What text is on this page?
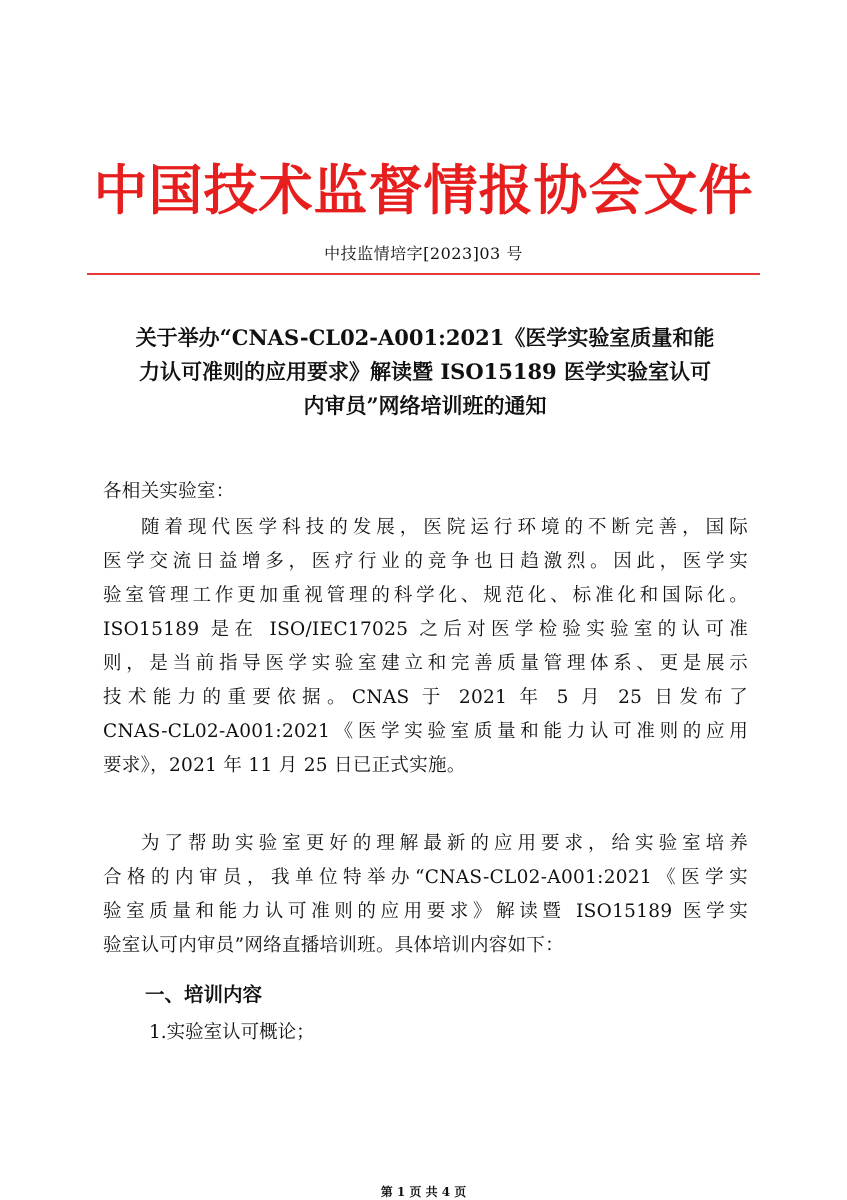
中国技术监督情报协会文件
中技监情培字[2023]03 号
关于举办“CNAS-CL02-A001:2021《医学实验室质量和能
力认可准则的应用要求》解读暨 ISO15189 医学实验室认可
内审员”网络培训班的通知
各相关实验室：
随着现代医学科技的发展，医院运行环境的不断完善，国际
医学交流日益增多，医疗行业的竞争也日趋激烈。因此，医学实
验室管理工作更加重视管理的科学化、规范化、标准化和国际化。
ISO15189 是在 ISO/IEC17025 之后对医学检验实验室的认可准
则，是当前指导医学实验室建立和完善质量管理体系、更是展示
技术能力的重要依据。CNAS 于 2021 年 5 月 25 日发布了
CNAS-CL02-A001:2021《医学实验室质量和能力认可准则的应用
要求》，2021 年 11 月 25 日已正式实施。
为了帮助实验室更好的理解最新的应用要求，给实验室培养
合格的内审员，我单位特举办“CNAS-CL02-A001:2021《医学实
验室质量和能力认可准则的应用要求》解读暨 ISO15189 医学实
验室认可内审员”网络直播培训班。具体培训内容如下：
一、培训内容
1.实验室认可概论；
第 1 页 共 4 页
